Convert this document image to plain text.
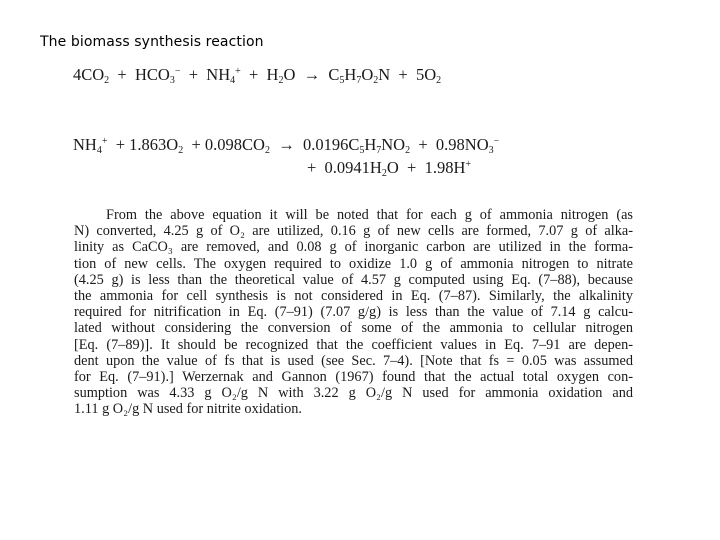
The biomass synthesis reaction
$4CO_2 + HCO_3^- + NH_4^+ + H_2O \to C_5H_7O_2N + 5O_2$
$NH_4^+ + 1.863O_2 + 0.098CO_2 \to 0.0196C_5H_7NO_2 + 0.98NO_3^-$
+  $0.0941H_2O + 1.98H^+$
From the above equation it will be noted that for each g of ammonia nitrogen (as
N) converted, 4.25 g of O₂ are utilized, 0.16 g of new cells are formed, 7.07 g of alka-
linity as CaCO₃ are removed, and 0.08 g of inorganic carbon are utilized in the forma-
tion of new cells. The oxygen required to oxidize 1.0 g of ammonia nitrogen to nitrate
(4.25 g) is less than the theoretical value of 4.57 g computed using Eq. (7–88), because
the ammonia for cell synthesis is not considered in Eq. (7–87). Similarly, the alkalinity
required for nitrification in Eq. (7–91) (7.07 g/g) is less than the value of 7.14 g calcu-
lated without considering the conversion of some of the ammonia to cellular nitrogen
[Eq. (7–89)]. It should be recognized that the coefficient values in Eq. 7–91 are depen-
dent upon the value of fs that is used (see Sec. 7–4). [Note that fs = 0.05 was assumed
for Eq. (7–91).] Werzernak and Gannon (1967) found that the actual total oxygen con-
sumption was 4.33 g O₂/g N with 3.22 g O₂/g N used for ammonia oxidation and
1.11 g O₂/g N used for nitrite oxidation.
